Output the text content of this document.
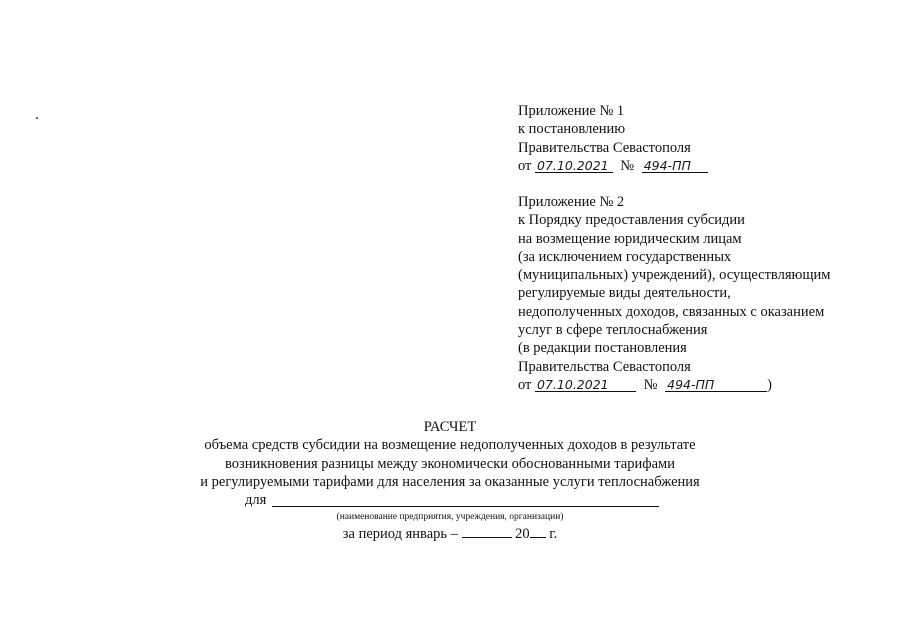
Приложение № 1
к постановлению
Правительства Севастополя
от 07.10.2021 № 494-ПП
Приложение № 2
к Порядку предоставления субсидии
на возмещение юридическим лицам
(за исключением государственных
(муниципальных) учреждений), осуществляющим
регулируемые виды деятельности,
недополученных доходов, связанных с оказанием
услуг в сфере теплоснабжения
(в редакции постановления
Правительства Севастополя
от 07.10.2021 № 494-ПП	)
РАСЧЕТ
объема средств субсидии на возмещение недополученных доходов в результате
возникновения разницы между экономически обоснованными тарифами
и регулируемыми тарифами для населения за оказанные услуги теплоснабжения
для
(наименование предприятия, учреждения, организации)
за период январь –	20 г.
